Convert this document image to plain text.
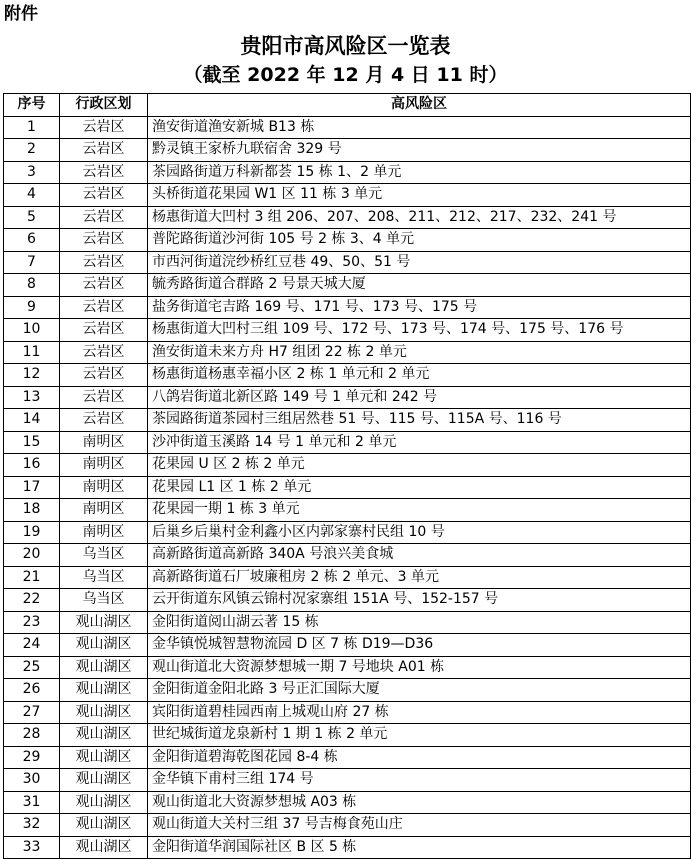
附件
贵阳市高风险区一览表
（截至 2022 年 12 月 4 日 11 时）
序号	行政区划	高风险区
1	云岩区	渔安街道渔安新城 B13 栋
2	云岩区	黔灵镇王家桥九联宿舍 329 号
3	云岩区	茶园路街道万科新都荟 15 栋 1、2 单元
4	云岩区	头桥街道花果园 W1 区 11 栋 3 单元
5	云岩区	杨惠街道大凹村 3 组 206、207、208、211、212、217、232、241 号
6	云岩区	普陀路街道沙河街 105 号 2 栋 3、4 单元
7	云岩区	市西河街道浣纱桥红豆巷 49、50、51 号
8	云岩区	毓秀路街道合群路 2 号景天城大厦
9	云岩区	盐务街道宅吉路 169 号、171 号、173 号、175 号
10	云岩区	杨惠街道大凹村三组 109 号、172 号、173 号、174 号、175 号、176 号
11	云岩区	渔安街道未来方舟 H7 组团 22 栋 2 单元
12	云岩区	杨惠街道杨惠幸福小区 2 栋 1 单元和 2 单元
13	云岩区	八鸽岩街道北新区路 149 号 1 单元和 242 号
14	云岩区	茶园路街道茶园村三组居然巷 51 号、115 号、115A 号、116 号
15	南明区	沙冲街道玉溪路 14 号 1 单元和 2 单元
16	南明区	花果园 U 区 2 栋 2 单元
17	南明区	花果园 L1 区 1 栋 2 单元
18	南明区	花果园一期 1 栋 3 单元
19	南明区	后巢乡后巢村金利鑫小区内郭家寨村民组 10 号
20	乌当区	高新路街道高新路 340A 号浪兴美食城
21	乌当区	高新路街道石厂坡廉租房 2 栋 2 单元、3 单元
22	乌当区	云开街道东风镇云锦村况家寨组 151A 号、152-157 号
23	观山湖区	金阳街道阅山湖云著 15 栋
24	观山湖区	金华镇悦城智慧物流园 D 区 7 栋 D19—D36
25	观山湖区	观山街道北大资源梦想城一期 7 号地块 A01 栋
26	观山湖区	金阳街道金阳北路 3 号正汇国际大厦
27	观山湖区	宾阳街道碧桂园西南上城观山府 27 栋
28	观山湖区	世纪城街道龙泉新村 1 期 1 栋 2 单元
29	观山湖区	金阳街道碧海乾图花园 8-4 栋
30	观山湖区	金华镇下甫村三组 174 号
31	观山湖区	观山街道北大资源梦想城 A03 栋
32	观山湖区	观山街道大关村三组 37 号吉梅食苑山庄
33	观山湖区	金阳街道华润国际社区 B 区 5 栋
